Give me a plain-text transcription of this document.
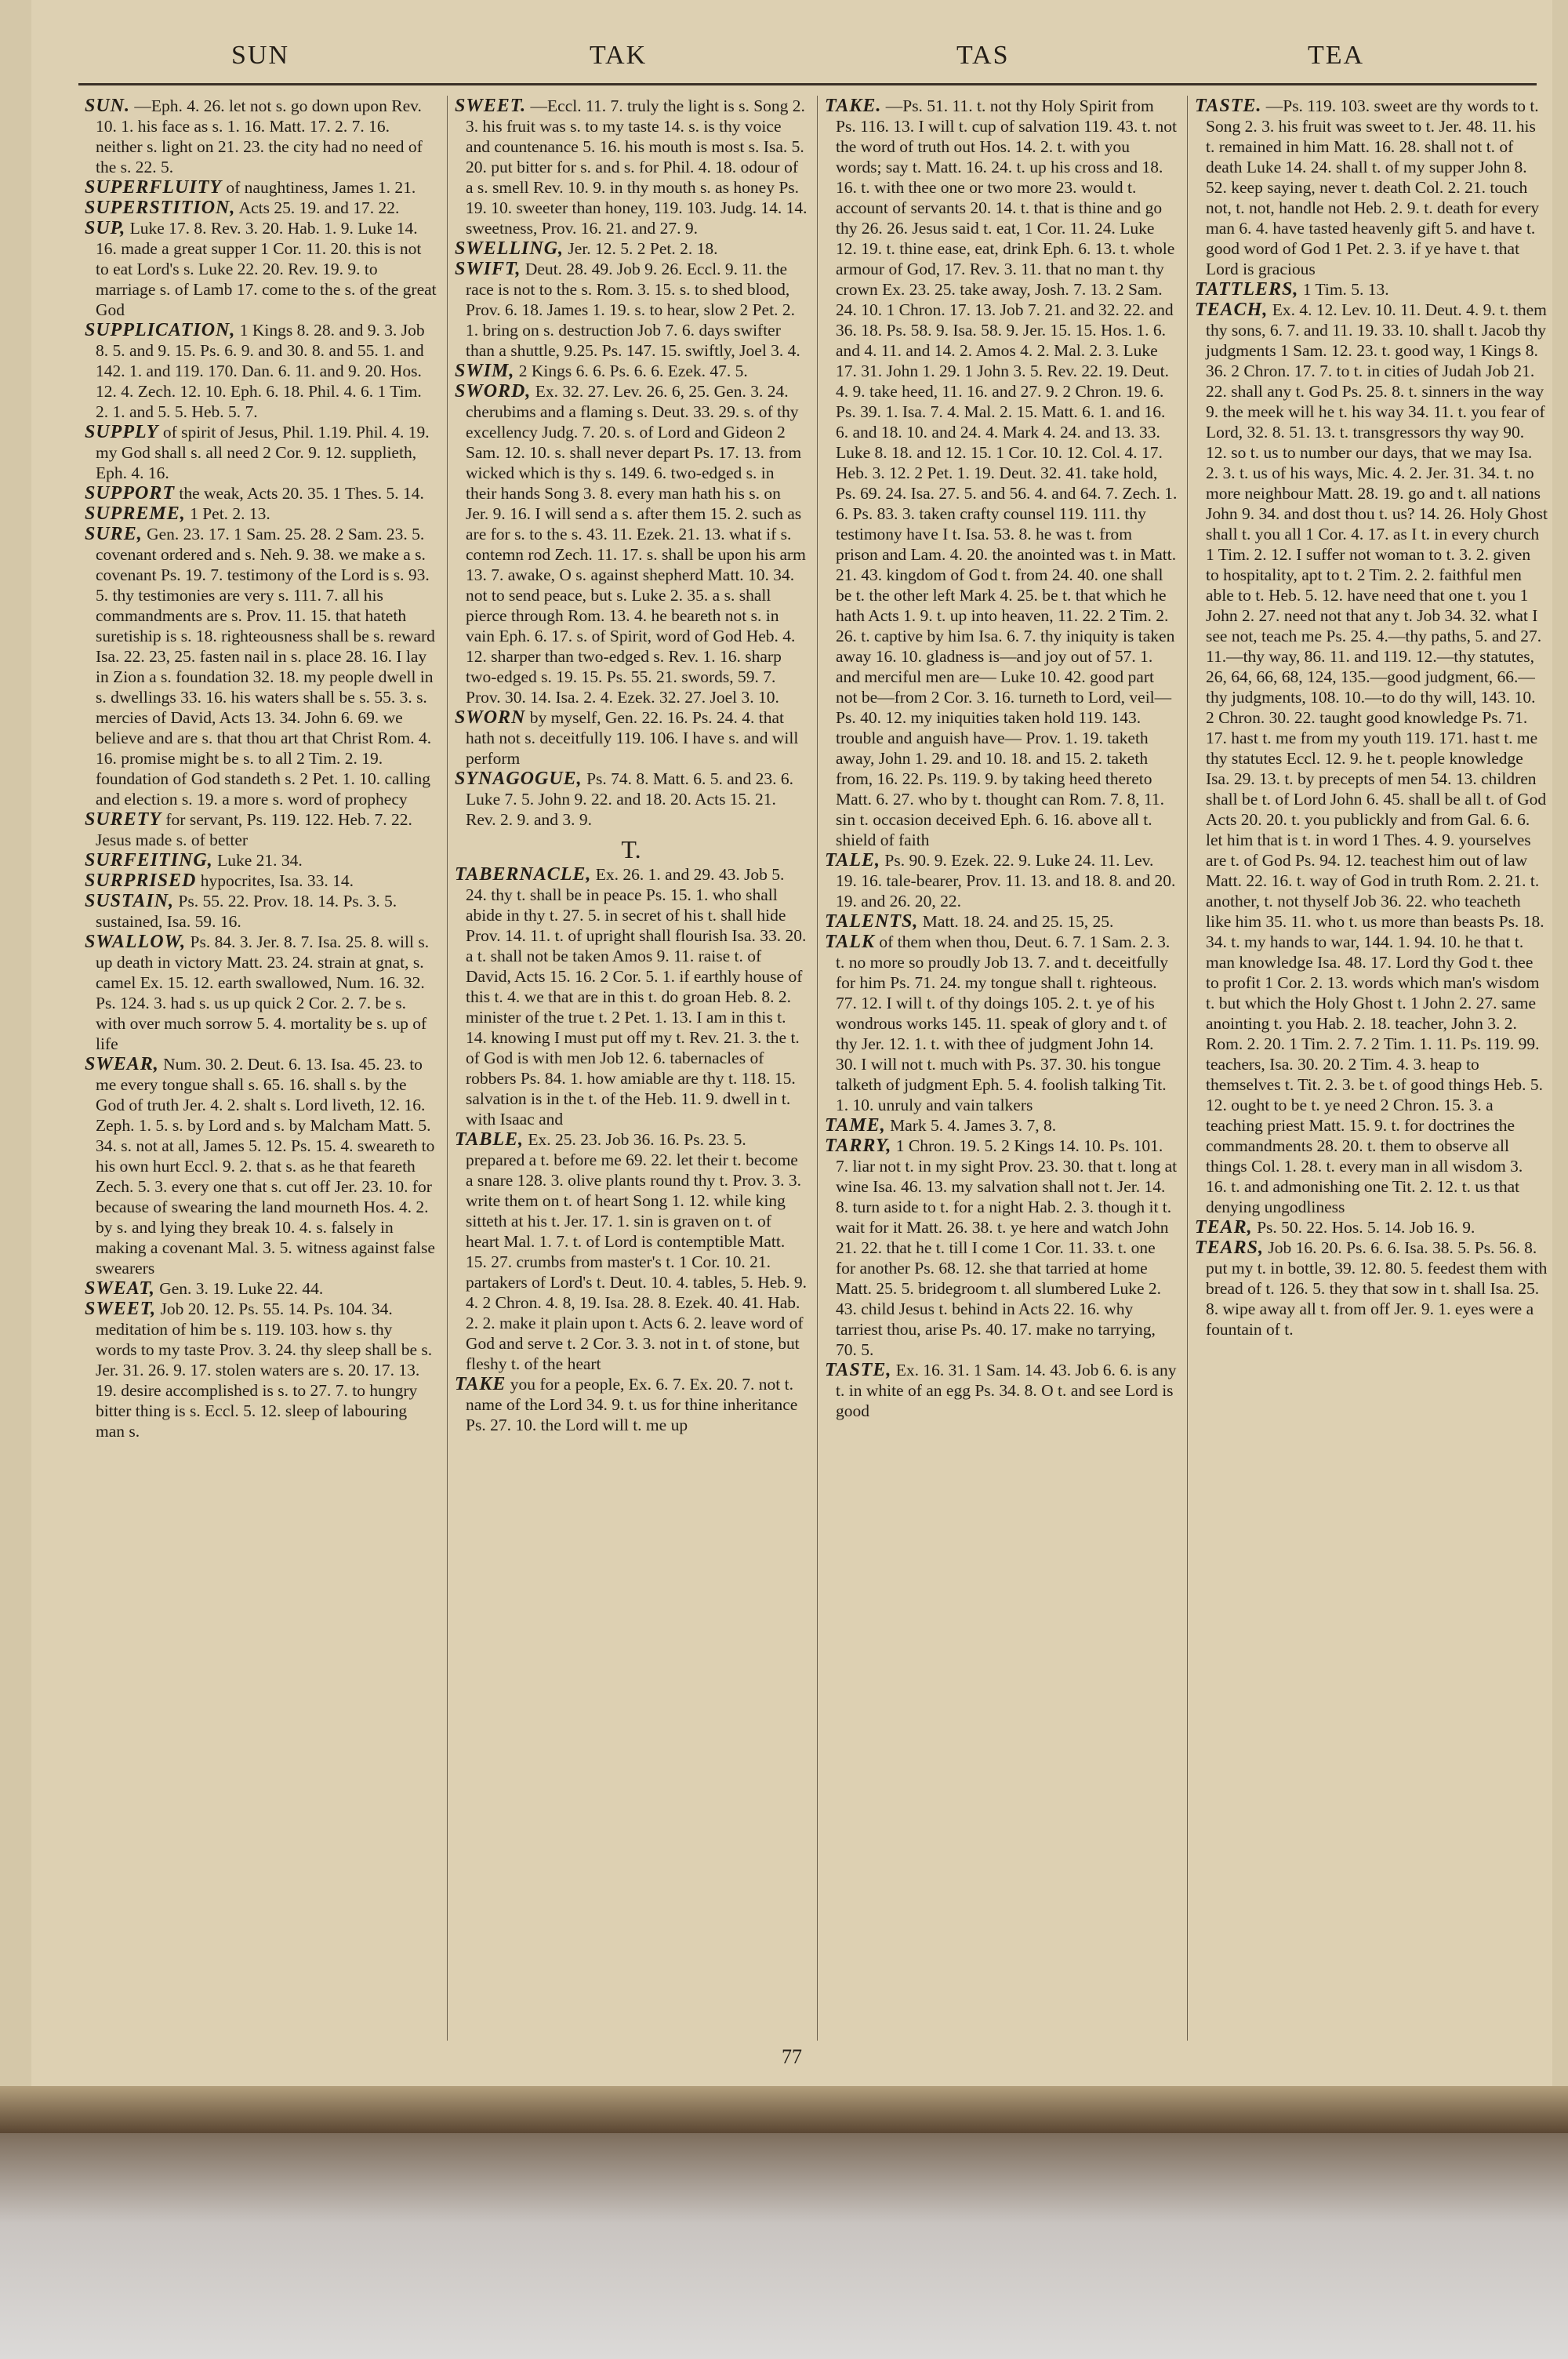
SUN	TAK	TAS	TEA

SUN. —Eph. 4. 26. let not s. go down upon Rev. 10. 1. his face as s. 1. 16. Matt. 17. 2. 7. 16. neither s. light on 21. 23. the city had no need of the s. 22. 5.

SUPERFLUITY of naughtiness, James 1. 21.

SUPERSTITION, Acts 25. 19. and 17. 22.

SUP, Luke 17. 8. Rev. 3. 20. Hab. 1. 9. Luke 14. 16. made a great supper 1 Cor. 11. 20. this is not to eat Lord's s. Luke 22. 20. Rev. 19. 9. to marriage s. of Lamb 17. come to the s. of the great God

SUPPLICATION, 1 Kings 8. 28. and 9. 3. Job 8. 5. and 9. 15. Ps. 6. 9. and 30. 8. and 55. 1. and 142. 1. and 119. 170. Dan. 6. 11. and 9. 20. Hos. 12. 4. Zech. 12. 10. Eph. 6. 18. Phil. 4. 6. 1 Tim. 2. 1. and 5. 5. Heb. 5. 7.

SUPPLY of spirit of Jesus, Phil. 1.19. Phil. 4. 19. my God shall s. all need 2 Cor. 9. 12. supplieth, Eph. 4. 16.

SUPPORT the weak, Acts 20. 35. 1 Thes. 5. 14.

SUPREME, 1 Pet. 2. 13.

SURE, Gen. 23. 17. 1 Sam. 25. 28. 2 Sam. 23. 5. covenant ordered and s. Neh. 9. 38. we make a s. covenant Ps. 19. 7. testimony of the Lord is s. 93. 5. thy testimonies are very s. 111. 7. all his commandments are s. Prov. 11. 15. that hateth suretiship is s. 18. righteousness shall be s. reward Isa. 22. 23, 25. fasten nail in s. place 28. 16. I lay in Zion a s. foundation 32. 18. my people dwell in s. dwellings 33. 16. his waters shall be s. 55. 3. s. mercies of David, Acts 13. 34. John 6. 69. we believe and are s. that thou art that Christ Rom. 4. 16. promise might be s. to all 2 Tim. 2. 19. foundation of God standeth s. 2 Pet. 1. 10. calling and election s. 19. a more s. word of prophecy

SURETY for servant, Ps. 119. 122. Heb. 7. 22. Jesus made s. of better

SURFEITING, Luke 21. 34.

SURPRISED hypocrites, Isa. 33. 14.

SUSTAIN, Ps. 55. 22. Prov. 18. 14. Ps. 3. 5. sustained, Isa. 59. 16.

SWALLOW, Ps. 84. 3. Jer. 8. 7. Isa. 25. 8. will s. up death in victory Matt. 23. 24. strain at gnat, s. camel Ex. 15. 12. earth swallowed, Num. 16. 32. Ps. 124. 3. had s. us up quick 2 Cor. 2. 7. be s. with over much sorrow 5. 4. mortality be s. up of life

SWEAR, Num. 30. 2. Deut. 6. 13. Isa. 45. 23. to me every tongue shall s. 65. 16. shall s. by the God of truth Jer. 4. 2. shalt s. Lord liveth, 12. 16. Zeph. 1. 5. s. by Lord and s. by Malcham Matt. 5. 34. s. not at all, James 5. 12. Ps. 15. 4. sweareth to his own hurt Eccl. 9. 2. that s. as he that feareth Zech. 5. 3. every one that s. cut off Jer. 23. 10. for because of swearing the land mourneth Hos. 4. 2. by s. and lying they break 10. 4. s. falsely in making a covenant Mal. 3. 5. witness against false swearers

SWEAT, Gen. 3. 19. Luke 22. 44.

SWEET, Job 20. 12. Ps. 55. 14. Ps. 104. 34. meditation of him be s. 119. 103. how s. thy words to my taste Prov. 3. 24. thy sleep shall be s. Jer. 31. 26. 9. 17. stolen waters are s. 20. 17. 13. 19. desire accomplished is s. to 27. 7. to hungry bitter thing is s. Eccl. 5. 12. sleep of labouring man s.

SWEET. —Eccl. 11. 7. truly the light is s. Song 2. 3. his fruit was s. to my taste 14. s. is thy voice and countenance 5. 16. his mouth is most s. Isa. 5. 20. put bitter for s. and s. for Phil. 4. 18. odour of a s. smell Rev. 10. 9. in thy mouth s. as honey Ps. 19. 10. sweeter than honey, 119. 103. Judg. 14. 14. sweetness, Prov. 16. 21. and 27. 9.

SWELLING, Jer. 12. 5. 2 Pet. 2. 18.

SWIFT, Deut. 28. 49. Job 9. 26. Eccl. 9. 11. the race is not to the s. Rom. 3. 15. s. to shed blood, Prov. 6. 18. James 1. 19. s. to hear, slow 2 Pet. 2. 1. bring on s. destruction Job 7. 6. days swifter than a shuttle, 9.25. Ps. 147. 15. swiftly, Joel 3. 4.

SWIM, 2 Kings 6. 6. Ps. 6. 6. Ezek. 47. 5.

SWORD, Ex. 32. 27. Lev. 26. 6, 25. Gen. 3. 24. cherubims and a flaming s. Deut. 33. 29. s. of thy excellency Judg. 7. 20. s. of Lord and Gideon 2 Sam. 12. 10. s. shall never depart Ps. 17. 13. from wicked which is thy s. 149. 6. two-edged s. in their hands Song 3. 8. every man hath his s. on Jer. 9. 16. I will send a s. after them 15. 2. such as are for s. to the s. 43. 11. Ezek. 21. 13. what if s. contemn rod Zech. 11. 17. s. shall be upon his arm 13. 7. awake, O s. against shepherd Matt. 10. 34. not to send peace, but s. Luke 2. 35. a s. shall pierce through Rom. 13. 4. he beareth not s. in vain Eph. 6. 17. s. of Spirit, word of God Heb. 4. 12. sharper than two-edged s. Rev. 1. 16. sharp two-edged s. 19. 15. Ps. 55. 21. swords, 59. 7. Prov. 30. 14. Isa. 2. 4. Ezek. 32. 27. Joel 3. 10.

SWORN by myself, Gen. 22. 16. Ps. 24. 4. that hath not s. deceitfully 119. 106. I have s. and will perform

SYNAGOGUE, Ps. 74. 8. Matt. 6. 5. and 23. 6. Luke 7. 5. John 9. 22. and 18. 20. Acts 15. 21. Rev. 2. 9. and 3. 9.

T.

TABERNACLE, Ex. 26. 1. and 29. 43. Job 5. 24. thy t. shall be in peace Ps. 15. 1. who shall abide in thy t. 27. 5. in secret of his t. shall hide Prov. 14. 11. t. of upright shall flourish Isa. 33. 20. a t. shall not be taken Amos 9. 11. raise t. of David, Acts 15. 16. 2 Cor. 5. 1. if earthly house of this t. 4. we that are in this t. do groan Heb. 8. 2. minister of the true t. 2 Pet. 1. 13. I am in this t. 14. knowing I must put off my t. Rev. 21. 3. the t. of God is with men Job 12. 6. tabernacles of robbers Ps. 84. 1. how amiable are thy t. 118. 15. salvation is in the t. of the Heb. 11. 9. dwell in t. with Isaac and

TABLE, Ex. 25. 23. Job 36. 16. Ps. 23. 5. prepared a t. before me 69. 22. let their t. become a snare 128. 3. olive plants round thy t. Prov. 3. 3. write them on t. of heart Song 1. 12. while king sitteth at his t. Jer. 17. 1. sin is graven on t. of heart Mal. 1. 7. t. of Lord is contemptible Matt. 15. 27. crumbs from master's t. 1 Cor. 10. 21. partakers of Lord's t. Deut. 10. 4. tables, 5. Heb. 9. 4. 2 Chron. 4. 8, 19. Isa. 28. 8. Ezek. 40. 41. Hab. 2. 2. make it plain upon t. Acts 6. 2. leave word of God and serve t. 2 Cor. 3. 3. not in t. of stone, but fleshy t. of the heart

TAKE you for a people, Ex. 6. 7. Ex. 20. 7. not t. name of the Lord 34. 9. t. us for thine inheritance Ps. 27. 10. the Lord will t. me up

TAKE. —Ps. 51. 11. t. not thy Holy Spirit from Ps. 116. 13. I will t. cup of salvation 119. 43. t. not the word of truth out Hos. 14. 2. t. with you words; say t. Matt. 16. 24. t. up his cross and 18. 16. t. with thee one or two more 23. would t. account of servants 20. 14. t. that is thine and go thy 26. 26. Jesus said t. eat, 1 Cor. 11. 24. Luke 12. 19. t. thine ease, eat, drink Eph. 6. 13. t. whole armour of God, 17. Rev. 3. 11. that no man t. thy crown Ex. 23. 25. take away, Josh. 7. 13. 2 Sam. 24. 10. 1 Chron. 17. 13. Job 7. 21. and 32. 22. and 36. 18. Ps. 58. 9. Isa. 58. 9. Jer. 15. 15. Hos. 1. 6. and 4. 11. and 14. 2. Amos 4. 2. Mal. 2. 3. Luke 17. 31. John 1. 29. 1 John 3. 5. Rev. 22. 19. Deut. 4. 9. take heed, 11. 16. and 27. 9. 2 Chron. 19. 6. Ps. 39. 1. Isa. 7. 4. Mal. 2. 15. Matt. 6. 1. and 16. 6. and 18. 10. and 24. 4. Mark 4. 24. and 13. 33. Luke 8. 18. and 12. 15. 1 Cor. 10. 12. Col. 4. 17. Heb. 3. 12. 2 Pet. 1. 19. Deut. 32. 41. take hold, Ps. 69. 24. Isa. 27. 5. and 56. 4. and 64. 7. Zech. 1. 6. Ps. 83. 3. taken crafty counsel 119. 111. thy testimony have I t. Isa. 53. 8. he was t. from prison and Lam. 4. 20. the anointed was t. in Matt. 21. 43. kingdom of God t. from 24. 40. one shall be t. the other left Mark 4. 25. be t. that which he hath Acts 1. 9. t. up into heaven, 11. 22. 2 Tim. 2. 26. t. captive by him Isa. 6. 7. thy iniquity is taken away 16. 10. gladness is—and joy out of 57. 1. and merciful men are— Luke 10. 42. good part not be—from 2 Cor. 3. 16. turneth to Lord, veil— Ps. 40. 12. my iniquities taken hold 119. 143. trouble and anguish have— Prov. 1. 19. taketh away, John 1. 29. and 10. 18. and 15. 2. taketh from, 16. 22. Ps. 119. 9. by taking heed thereto Matt. 6. 27. who by t. thought can Rom. 7. 8, 11. sin t. occasion deceived Eph. 6. 16. above all t. shield of faith

TALE, Ps. 90. 9. Ezek. 22. 9. Luke 24. 11. Lev. 19. 16. tale-bearer, Prov. 11. 13. and 18. 8. and 20. 19. and 26. 20, 22.

TALENTS, Matt. 18. 24. and 25. 15, 25.

TALK of them when thou, Deut. 6. 7. 1 Sam. 2. 3. t. no more so proudly Job 13. 7. and t. deceitfully for him Ps. 71. 24. my tongue shall t. righteous. 77. 12. I will t. of thy doings 105. 2. t. ye of his wondrous works 145. 11. speak of glory and t. of thy Jer. 12. 1. t. with thee of judgment John 14. 30. I will not t. much with Ps. 37. 30. his tongue talketh of judgment Eph. 5. 4. foolish talking Tit. 1. 10. unruly and vain talkers

TAME, Mark 5. 4. James 3. 7, 8.

TARRY, 1 Chron. 19. 5. 2 Kings 14. 10. Ps. 101. 7. liar not t. in my sight Prov. 23. 30. that t. long at wine Isa. 46. 13. my salvation shall not t. Jer. 14. 8. turn aside to t. for a night Hab. 2. 3. though it t. wait for it Matt. 26. 38. t. ye here and watch John 21. 22. that he t. till I come 1 Cor. 11. 33. t. one for another Ps. 68. 12. she that tarried at home Matt. 25. 5. bridegroom t. all slumbered Luke 2. 43. child Jesus t. behind in Acts 22. 16. why tarriest thou, arise Ps. 40. 17. make no tarrying, 70. 5.

TASTE, Ex. 16. 31. 1 Sam. 14. 43. Job 6. 6. is any t. in white of an egg Ps. 34. 8. O t. and see Lord is good

TASTE. —Ps. 119. 103. sweet are thy words to t. Song 2. 3. his fruit was sweet to t. Jer. 48. 11. his t. remained in him Matt. 16. 28. shall not t. of death Luke 14. 24. shall t. of my supper John 8. 52. keep saying, never t. death Col. 2. 21. touch not, t. not, handle not Heb. 2. 9. t. death for every man 6. 4. have tasted heavenly gift 5. and have t. good word of God 1 Pet. 2. 3. if ye have t. that Lord is gracious

TATTLERS, 1 Tim. 5. 13.

TEACH, Ex. 4. 12. Lev. 10. 11. Deut. 4. 9. t. them thy sons, 6. 7. and 11. 19. 33. 10. shall t. Jacob thy judgments 1 Sam. 12. 23. t. good way, 1 Kings 8. 36. 2 Chron. 17. 7. to t. in cities of Judah Job 21. 22. shall any t. God Ps. 25. 8. t. sinners in the way 9. the meek will he t. his way 34. 11. t. you fear of Lord, 32. 8. 51. 13. t. transgressors thy way 90. 12. so t. us to number our days, that we may Isa. 2. 3. t. us of his ways, Mic. 4. 2. Jer. 31. 34. t. no more neighbour Matt. 28. 19. go and t. all nations John 9. 34. and dost thou t. us? 14. 26. Holy Ghost shall t. you all 1 Cor. 4. 17. as I t. in every church 1 Tim. 2. 12. I suffer not woman to t. 3. 2. given to hospitality, apt to t. 2 Tim. 2. 2. faithful men able to t. Heb. 5. 12. have need that one t. you 1 John 2. 27. need not that any t. Job 34. 32. what I see not, teach me Ps. 25. 4.—thy paths, 5. and 27. 11.—thy way, 86. 11. and 119. 12.—thy statutes, 26, 64, 66, 68, 124, 135.—good judgment, 66.—thy judgments, 108. 10.—to do thy will, 143. 10. 2 Chron. 30. 22. taught good knowledge Ps. 71. 17. hast t. me from my youth 119. 171. hast t. me thy statutes Eccl. 12. 9. he t. people knowledge Isa. 29. 13. t. by precepts of men 54. 13. children shall be t. of Lord John 6. 45. shall be all t. of God Acts 20. 20. t. you publickly and from Gal. 6. 6. let him that is t. in word 1 Thes. 4. 9. yourselves are t. of God Ps. 94. 12. teachest him out of law Matt. 22. 16. t. way of God in truth Rom. 2. 21. t. another, t. not thyself Job 36. 22. who teacheth like him 35. 11. who t. us more than beasts Ps. 18. 34. t. my hands to war, 144. 1. 94. 10. he that t. man knowledge Isa. 48. 17. Lord thy God t. thee to profit 1 Cor. 2. 13. words which man's wisdom t. but which the Holy Ghost t. 1 John 2. 27. same anointing t. you Hab. 2. 18. teacher, John 3. 2. Rom. 2. 20. 1 Tim. 2. 7. 2 Tim. 1. 11. Ps. 119. 99. teachers, Isa. 30. 20. 2 Tim. 4. 3. heap to themselves t. Tit. 2. 3. be t. of good things Heb. 5. 12. ought to be t. ye need 2 Chron. 15. 3. a teaching priest Matt. 15. 9. t. for doctrines the commandments 28. 20. t. them to observe all things Col. 1. 28. t. every man in all wisdom 3. 16. t. and admonishing one Tit. 2. 12. t. us that denying ungodliness

TEAR, Ps. 50. 22. Hos. 5. 14. Job 16. 9.

TEARS, Job 16. 20. Ps. 6. 6. Isa. 38. 5. Ps. 56. 8. put my t. in bottle, 39. 12. 80. 5. feedest them with bread of t. 126. 5. they that sow in t. shall Isa. 25. 8. wipe away all t. from off Jer. 9. 1. eyes were a fountain of t.

77
